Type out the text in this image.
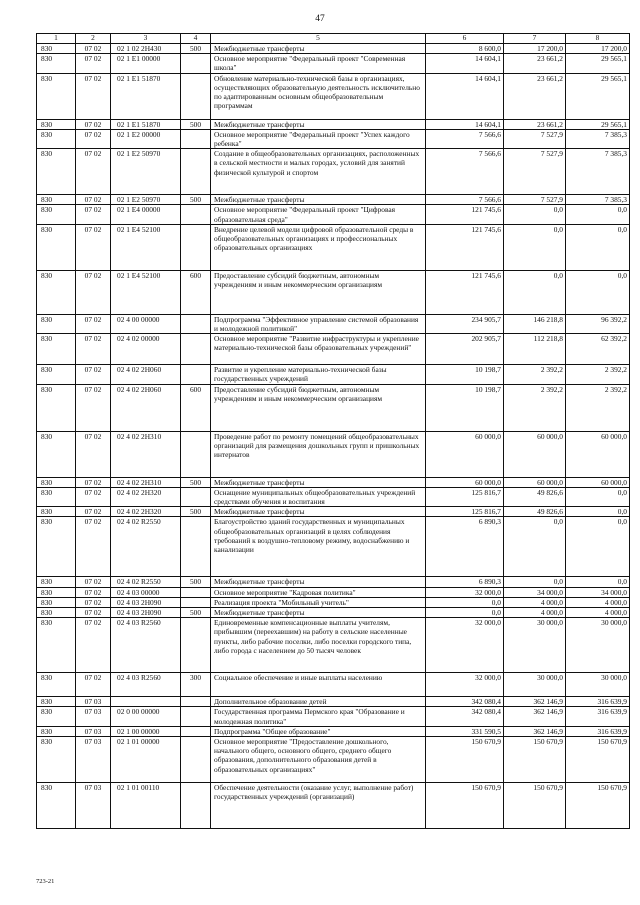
47
1	2	3	4	5	6	7	8
830	07 02	02 1 02 2Н430	500	Межбюджетные трансферты	8 600,0	17 200,0	17 200,0
830	07 02	02 1 Е1 00000		Основное мероприятие "Федеральный проект "Современная школа"	14 604,1	23 661,2	29 565,1
830	07 02	02 1 Е1 51870		Обновление материально-технической базы в организациях, осуществляющих образовательную деятельность исключительно по адаптированным основным общеобразовательным программам	14 604,1	23 661,2	29 565,1
830	07 02	02 1 Е1 51870	500	Межбюджетные трансферты	14 604,1	23 661,2	29 565,1
830	07 02	02 1 Е2 00000		Основное мероприятие "Федеральный проект "Успех каждого ребенка"	7 566,6	7 527,9	7 385,3
830	07 02	02 1 Е2 50970		Создание в общеобразовательных организациях, расположенных в сельской местности и малых городах, условий для занятий физической культурой и спортом	7 566,6	7 527,9	7 385,3
830	07 02	02 1 Е2 50970	500	Межбюджетные трансферты	7 566,6	7 527,9	7 385,3
830	07 02	02 1 Е4 00000		Основное мероприятие "Федеральный проект "Цифровая образовательная среда"	121 745,6	0,0	0,0
830	07 02	02 1 Е4 52100		Внедрение целевой модели цифровой образовательной среды в общеобразовательных организациях и профессиональных образовательных организациях	121 745,6	0,0	0,0
830	07 02	02 1 Е4 52100	600	Предоставление субсидий бюджетным, автономным учреждениям и иным некоммерческим организациям	121 745,6	0,0	0,0
830	07 02	02 4 00 00000		Подпрограмма "Эффективное управление системой образования и молодежной политикой"	234 905,7	146 218,8	96 392,2
830	07 02	02 4 02 00000		Основное мероприятие "Развитие инфраструктуры и укрепление материально-технической базы образовательных учреждений"	202 905,7	112 218,8	62 392,2
830	07 02	02 4 02 2Н060		Развитие и укрепление материально-технической базы государственных учреждений	10 198,7	2 392,2	2 392,2
830	07 02	02 4 02 2Н060	600	Предоставление субсидий бюджетным, автономным учреждениям и иным некоммерческим организациям	10 198,7	2 392,2	2 392,2
830	07 02	02 4 02 2Н310		Проведение работ по ремонту помещений общеобразовательных организаций для размещения дошкольных групп и пришкольных интернатов	60 000,0	60 000,0	60 000,0
830	07 02	02 4 02 2Н310	500	Межбюджетные трансферты	60 000,0	60 000,0	60 000,0
830	07 02	02 4 02 2Н320		Оснащение муниципальных общеобразовательных учреждений средствами обучения и воспитания	125 816,7	49 826,6	0,0
830	07 02	02 4 02 2Н320	500	Межбюджетные трансферты	125 816,7	49 826,6	0,0
830	07 02	02 4 02 R2550		Благоустройство зданий государственных и муниципальных общеобразовательных организаций в целях соблюдения требований к воздушно-тепловому режиму, водоснабжению и канализации	6 890,3	0,0	0,0
830	07 02	02 4 02 R2550	500	Межбюджетные трансферты	6 890,3	0,0	0,0
830	07 02	02 4 03 00000		Основное мероприятие "Кадровая политика"	32 000,0	34 000,0	34 000,0
830	07 02	02 4 03 2Н090		Реализация проекта "Мобильный учитель"	0,0	4 000,0	4 000,0
830	07 02	02 4 03 2Н090	500	Межбюджетные трансферты	0,0	4 000,0	4 000,0
830	07 02	02 4 03 R2560		Единовременные компенсационные выплаты учителям, прибывшим (переехавшим) на работу в сельские населенные пункты, либо рабочие поселки, либо поселки городского типа, либо города с населением до 50 тысяч человек	32 000,0	30 000,0	30 000,0
830	07 02	02 4 03 R2560	300	Социальное обеспечение и иные выплаты населению	32 000,0	30 000,0	30 000,0
830	07 03			Дополнительное образование детей	342 080,4	362 146,9	316 639,9
830	07 03	02 0 00 00000		Государственная программа Пермского края "Образование и молодежная политика"	342 080,4	362 146,9	316 639,9
830	07 03	02 1 00 00000		Подпрограмма "Общее образование"	331 590,5	362 146,9	316 639,9
830	07 03	02 1 01 00000		Основное мероприятие "Предоставление дошкольного, начального общего, основного общего, среднего общего образования, дополнительного образования детей в образовательных организациях"	150 670,9	150 670,9	150 670,9
830	07 03	02 1 01 00110		Обеспечение деятельности (оказание услуг, выполнение работ) государственных учреждений (организаций)	150 670,9	150 670,9	150 670,9
723-21
